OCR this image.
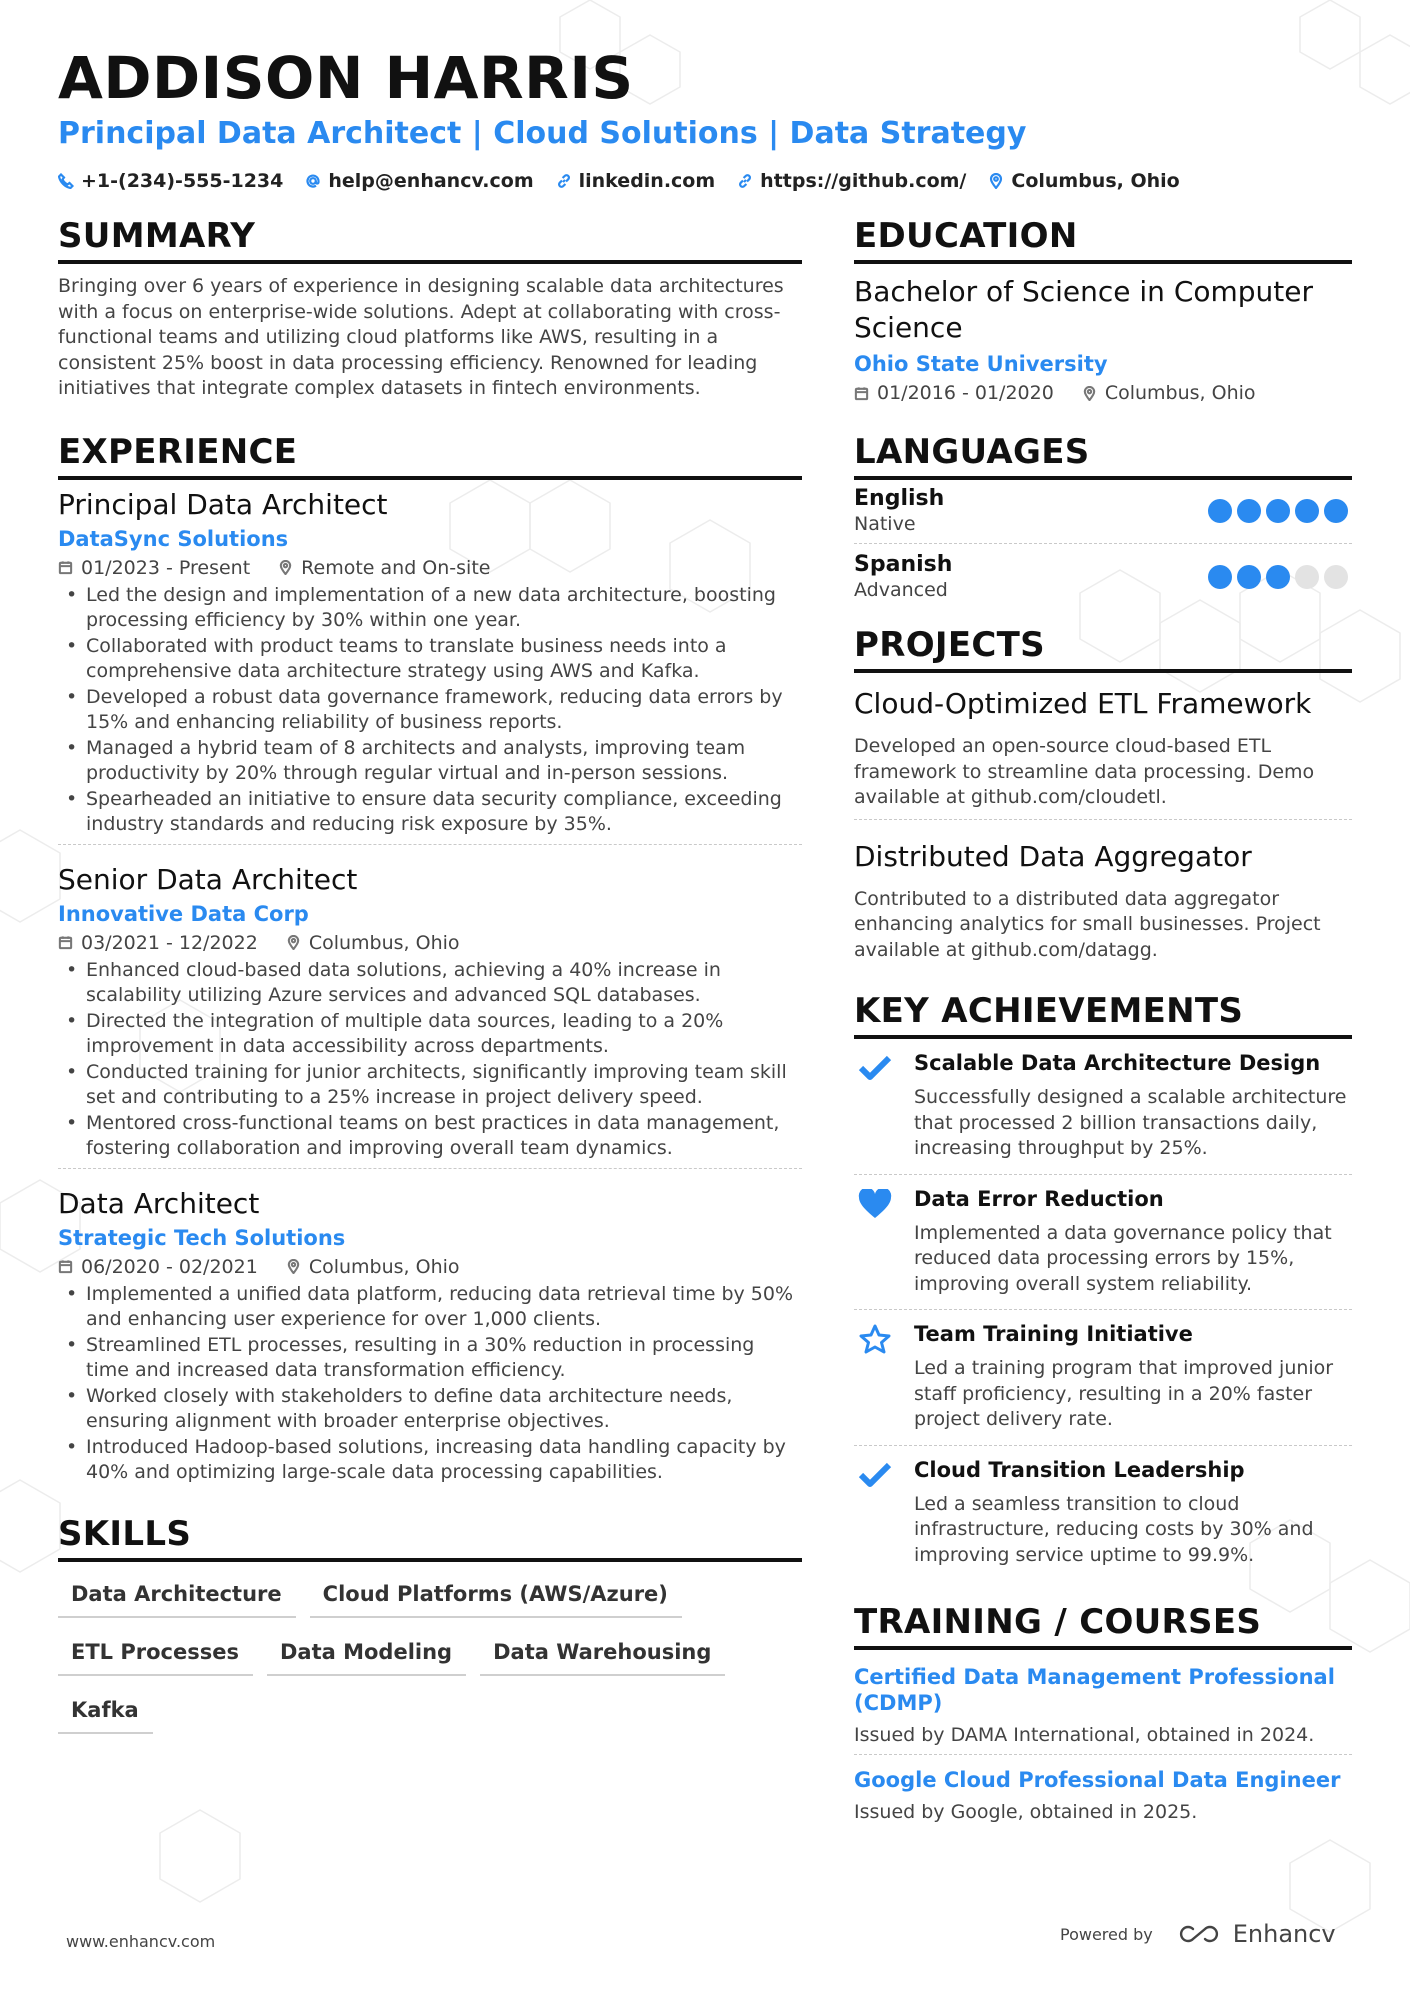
ADDISON HARRIS
Principal Data Architect | Cloud Solutions | Data Strategy
+1-(234)-555-1234 help@enhancv.com linkedin.com https://github.com/ Columbus, Ohio
SUMMARY
Bringing over 6 years of experience in designing scalable data architectures with a focus on enterprise-wide solutions. Adept at collaborating with cross-functional teams and utilizing cloud platforms like AWS, resulting in a consistent 25% boost in data processing efficiency. Renowned for leading initiatives that integrate complex datasets in fintech environments.
EXPERIENCE
Principal Data Architect
DataSync Solutions
01/2023 - Present	Remote and On-site
• Led the design and implementation of a new data architecture, boosting processing efficiency by 30% within one year.
• Collaborated with product teams to translate business needs into a comprehensive data architecture strategy using AWS and Kafka.
• Developed a robust data governance framework, reducing data errors by 15% and enhancing reliability of business reports.
• Managed a hybrid team of 8 architects and analysts, improving team productivity by 20% through regular virtual and in-person sessions.
• Spearheaded an initiative to ensure data security compliance, exceeding industry standards and reducing risk exposure by 35%.
Senior Data Architect
Innovative Data Corp
03/2021 - 12/2022	Columbus, Ohio
• Enhanced cloud-based data solutions, achieving a 40% increase in scalability utilizing Azure services and advanced SQL databases.
• Directed the integration of multiple data sources, leading to a 20% improvement in data accessibility across departments.
• Conducted training for junior architects, significantly improving team skill set and contributing to a 25% increase in project delivery speed.
• Mentored cross-functional teams on best practices in data management, fostering collaboration and improving overall team dynamics.
Data Architect
Strategic Tech Solutions
06/2020 - 02/2021	Columbus, Ohio
• Implemented a unified data platform, reducing data retrieval time by 50% and enhancing user experience for over 1,000 clients.
• Streamlined ETL processes, resulting in a 30% reduction in processing time and increased data transformation efficiency.
• Worked closely with stakeholders to define data architecture needs, ensuring alignment with broader enterprise objectives.
• Introduced Hadoop-based solutions, increasing data handling capacity by 40% and optimizing large-scale data processing capabilities.
SKILLS
Data Architecture	Cloud Platforms (AWS/Azure)
ETL Processes	Data Modeling	Data Warehousing
Kafka
EDUCATION
Bachelor of Science in Computer Science
Ohio State University
01/2016 - 01/2020	Columbus, Ohio
LANGUAGES
English
Native
Spanish
Advanced
PROJECTS
Cloud-Optimized ETL Framework
Developed an open-source cloud-based ETL framework to streamline data processing. Demo available at github.com/cloudetl.
Distributed Data Aggregator
Contributed to a distributed data aggregator enhancing analytics for small businesses. Project available at github.com/datagg.
KEY ACHIEVEMENTS
Scalable Data Architecture Design
Successfully designed a scalable architecture that processed 2 billion transactions daily, increasing throughput by 25%.
Data Error Reduction
Implemented a data governance policy that reduced data processing errors by 15%, improving overall system reliability.
Team Training Initiative
Led a training program that improved junior staff proficiency, resulting in a 20% faster project delivery rate.
Cloud Transition Leadership
Led a seamless transition to cloud infrastructure, reducing costs by 30% and improving service uptime to 99.9%.
TRAINING / COURSES
Certified Data Management Professional (CDMP)
Issued by DAMA International, obtained in 2024.
Google Cloud Professional Data Engineer
Issued by Google, obtained in 2025.
www.enhancv.com	Powered by	Enhancv
